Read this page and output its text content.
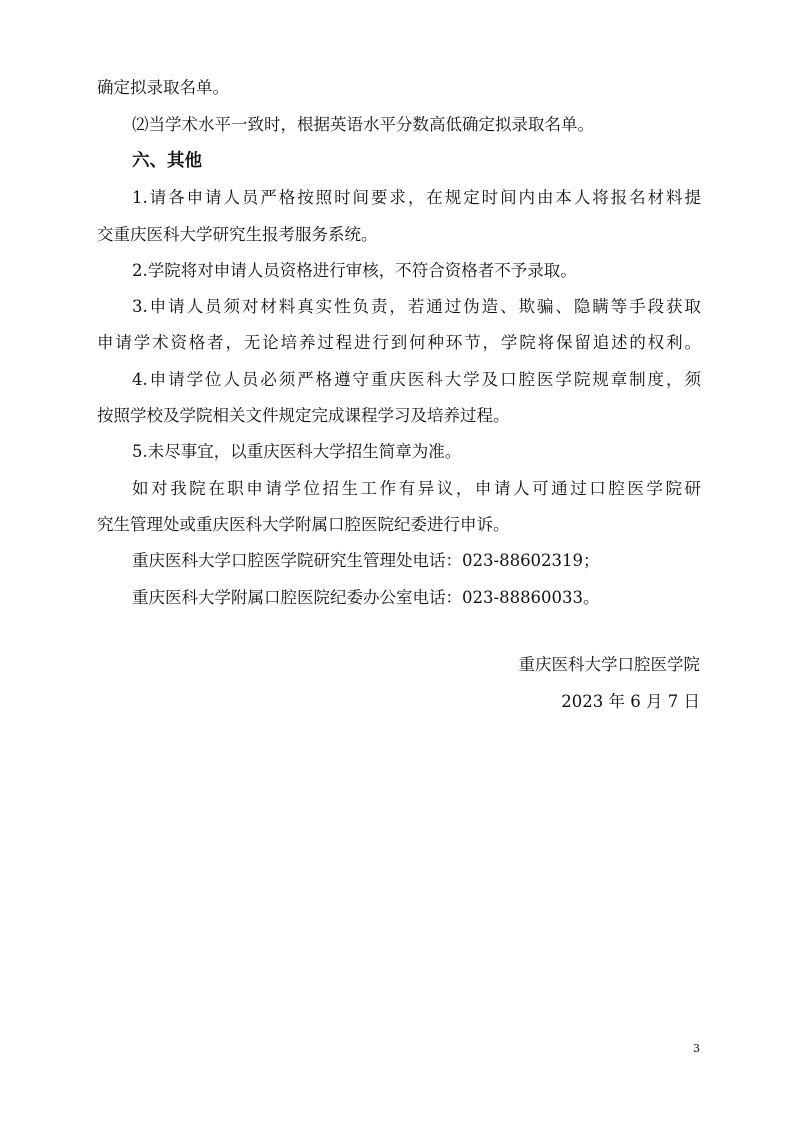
确定拟录取名单。
⑵当学术水平一致时，根据英语水平分数高低确定拟录取名单。
六、其他
1.请各申请人员严格按照时间要求，在规定时间内由本人将报名材料提
交重庆医科大学研究生报考服务系统。
2.学院将对申请人员资格进行审核，不符合资格者不予录取。
3.申请人员须对材料真实性负责，若通过伪造、欺骗、隐瞒等手段获取
申请学术资格者，无论培养过程进行到何种环节，学院将保留追述的权利。
4.申请学位人员必须严格遵守重庆医科大学及口腔医学院规章制度，须
按照学校及学院相关文件规定完成课程学习及培养过程。
5.未尽事宜，以重庆医科大学招生简章为准。
如对我院在职申请学位招生工作有异议，申请人可通过口腔医学院研
究生管理处或重庆医科大学附属口腔医院纪委进行申诉。
重庆医科大学口腔医学院研究生管理处电话：023-88602319；
重庆医科大学附属口腔医院纪委办公室电话：023-88860033。
重庆医科大学口腔医学院
2023 年 6 月 7 日
3
